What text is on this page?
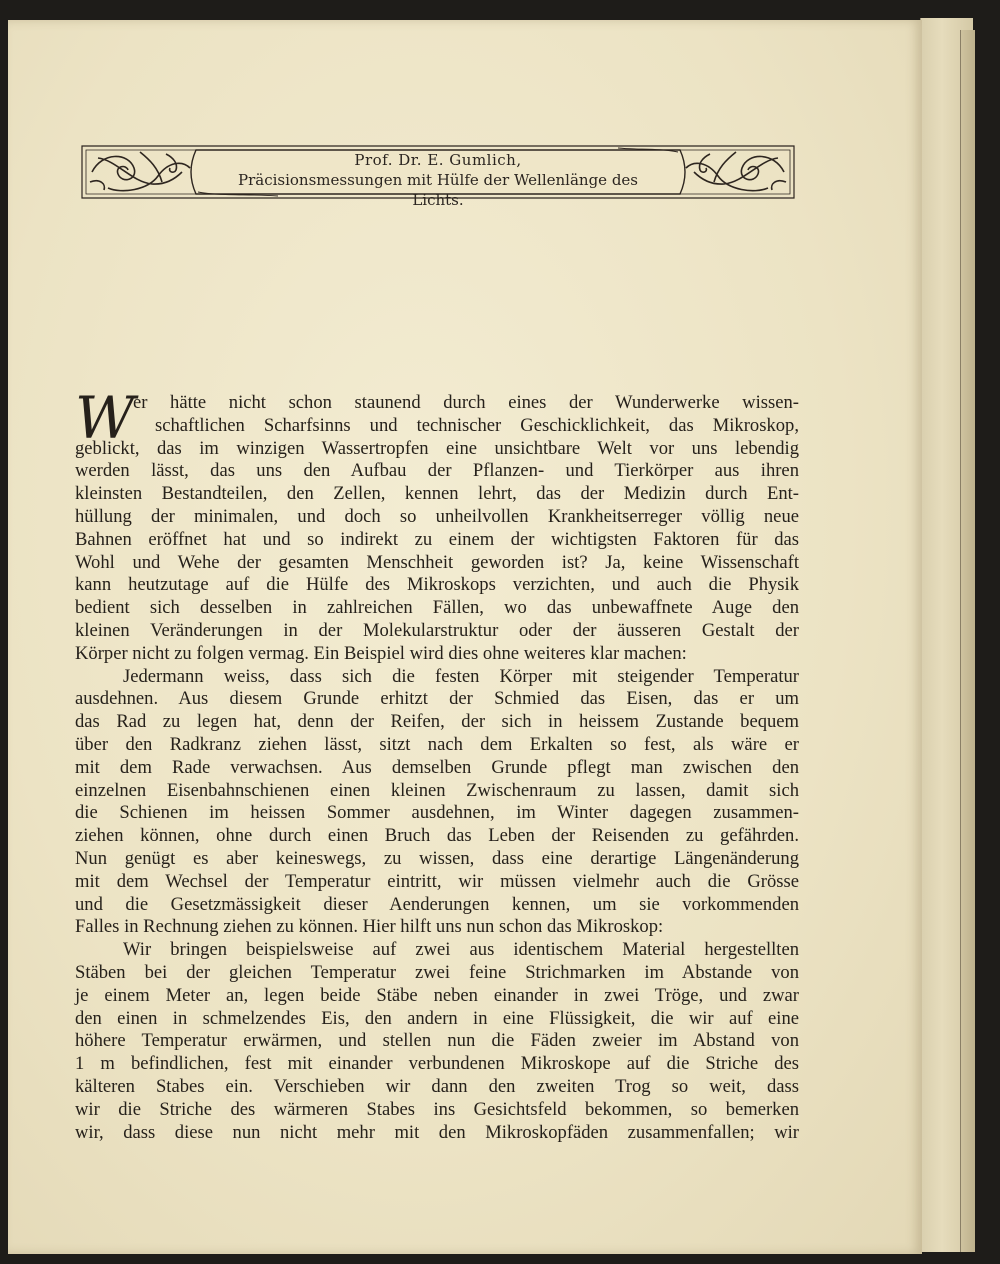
Prof. Dr. E. Gumlich,
Präcisionsmessungen mit Hülfe der Wellenlänge des Lichts.
W
er hätte nicht schon staunend durch eines der Wunderwerke wissen-
schaftlichen Scharfsinns und technischer Geschicklichkeit, das Mikroskop,
geblickt, das im winzigen Wassertropfen eine unsichtbare Welt vor uns lebendig
werden lässt, das uns den Aufbau der Pflanzen- und Tierkörper aus ihren
kleinsten Bestandteilen, den Zellen, kennen lehrt, das der Medizin durch Ent-
hüllung der minimalen, und doch so unheilvollen Krankheitserreger völlig neue
Bahnen eröffnet hat und so indirekt zu einem der wichtigsten Faktoren für das
Wohl und Wehe der gesamten Menschheit geworden ist? Ja, keine Wissenschaft
kann heutzutage auf die Hülfe des Mikroskops verzichten, und auch die Physik
bedient sich desselben in zahlreichen Fällen, wo das unbewaffnete Auge den
kleinen Veränderungen in der Molekularstruktur oder der äusseren Gestalt der
Körper nicht zu folgen vermag. Ein Beispiel wird dies ohne weiteres klar machen:
Jedermann weiss, dass sich die festen Körper mit steigender Temperatur
ausdehnen. Aus diesem Grunde erhitzt der Schmied das Eisen, das er um
das Rad zu legen hat, denn der Reifen, der sich in heissem Zustande bequem
über den Radkranz ziehen lässt, sitzt nach dem Erkalten so fest, als wäre er
mit dem Rade verwachsen. Aus demselben Grunde pflegt man zwischen den
einzelnen Eisenbahnschienen einen kleinen Zwischenraum zu lassen, damit sich
die Schienen im heissen Sommer ausdehnen, im Winter dagegen zusammen-
ziehen können, ohne durch einen Bruch das Leben der Reisenden zu gefährden.
Nun genügt es aber keineswegs, zu wissen, dass eine derartige Längenänderung
mit dem Wechsel der Temperatur eintritt, wir müssen vielmehr auch die Grösse
und die Gesetzmässigkeit dieser Aenderungen kennen, um sie vorkommenden
Falles in Rechnung ziehen zu können. Hier hilft uns nun schon das Mikroskop:
Wir bringen beispielsweise auf zwei aus identischem Material hergestellten
Stäben bei der gleichen Temperatur zwei feine Strichmarken im Abstande von
je einem Meter an, legen beide Stäbe neben einander in zwei Tröge, und zwar
den einen in schmelzendes Eis, den andern in eine Flüssigkeit, die wir auf eine
höhere Temperatur erwärmen, und stellen nun die Fäden zweier im Abstand von
1 m befindlichen, fest mit einander verbundenen Mikroskope auf die Striche des
kälteren Stabes ein. Verschieben wir dann den zweiten Trog so weit, dass
wir die Striche des wärmeren Stabes ins Gesichtsfeld bekommen, so bemerken
wir, dass diese nun nicht mehr mit den Mikroskopfäden zusammenfallen; wir
